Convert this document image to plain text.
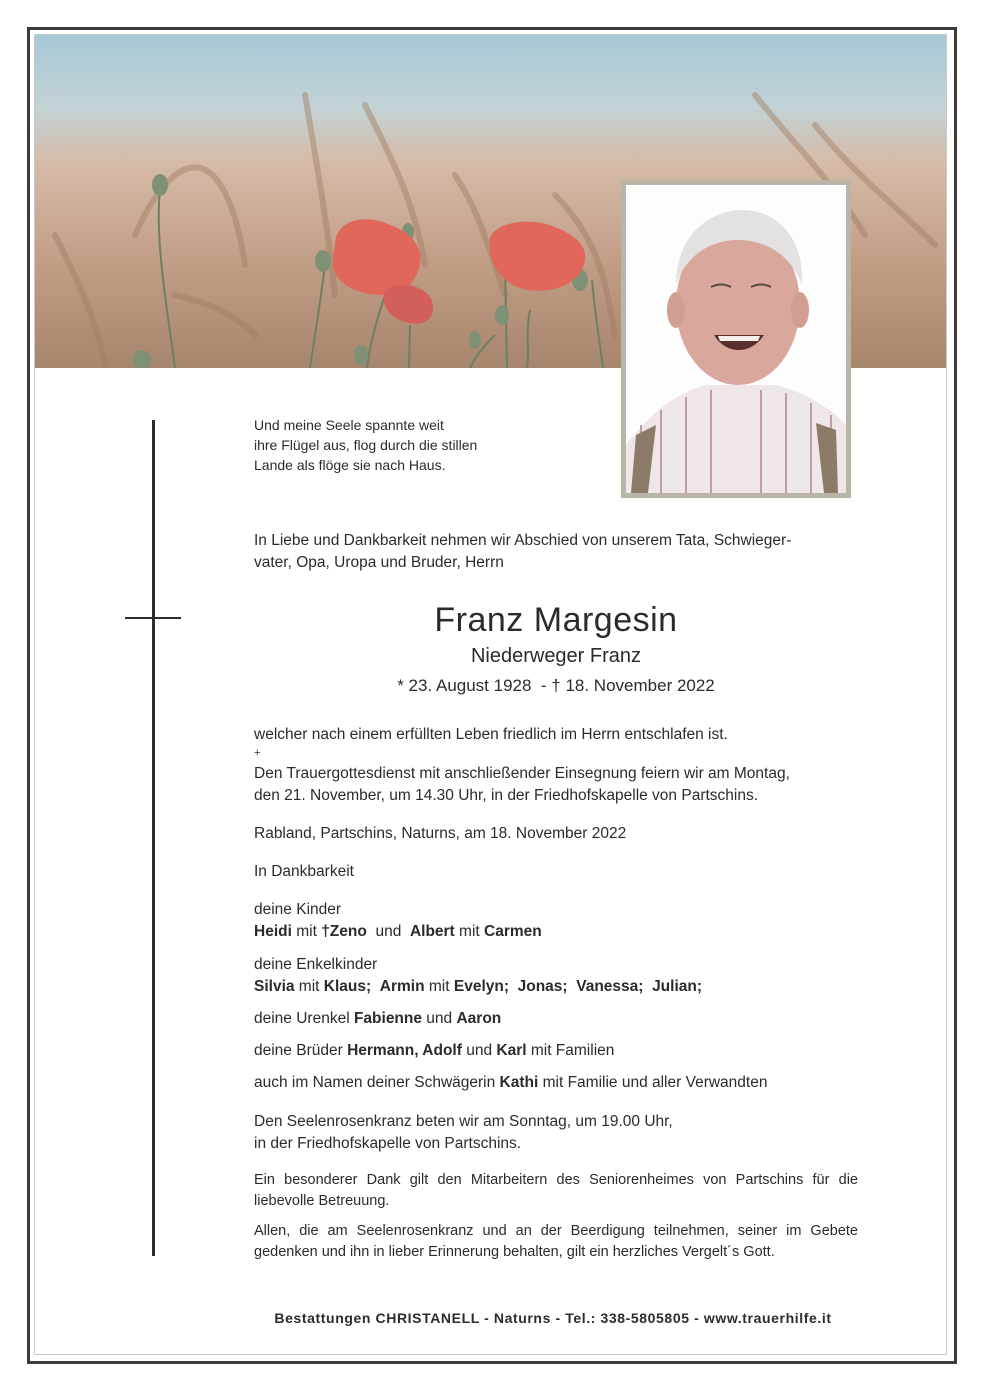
Und meine Seele spannte weit
ihre Flügel aus, flog durch die stillen
Lande als flöge sie nach Haus.
In Liebe und Dankbarkeit nehmen wir Abschied von unserem Tata, Schwieger-
vater, Opa, Uropa und Bruder, Herrn
Franz Margesin
Niederweger Franz
* 23. August 1928  - † 18. November 2022
welcher nach einem erfüllten Leben friedlich im Herrn entschlafen ist.
+
Den Trauergottesdienst mit anschließender Einsegnung feiern wir am Montag,
den 21. November, um 14.30 Uhr, in der Friedhofskapelle von Partschins.
Rabland, Partschins, Naturns, am 18. November 2022
In Dankbarkeit
deine Kinder
Heidi mit †Zeno  und  Albert mit Carmen
deine Enkelkinder
Silvia mit Klaus; Armin mit Evelyn; Jonas; Vanessa; Julian;
deine Urenkel Fabienne und Aaron
deine Brüder Hermann, Adolf und Karl mit Familien
auch im Namen deiner Schwägerin Kathi mit Familie und aller Verwandten
Den Seelenrosenkranz beten wir am Sonntag, um 19.00 Uhr,
in der Friedhofskapelle von Partschins.
Ein besonderer Dank gilt den Mitarbeitern des Seniorenheimes von Partschins für die liebevolle Betreuung.
Allen, die am Seelenrosenkranz und an der Beerdigung teilnehmen, seiner im Gebete gedenken und ihn in lieber Erinnerung behalten, gilt ein herzliches Vergelt´s Gott.
Bestattungen CHRISTANELL - Naturns - Tel.: 338-5805805 - www.trauerhilfe.it
